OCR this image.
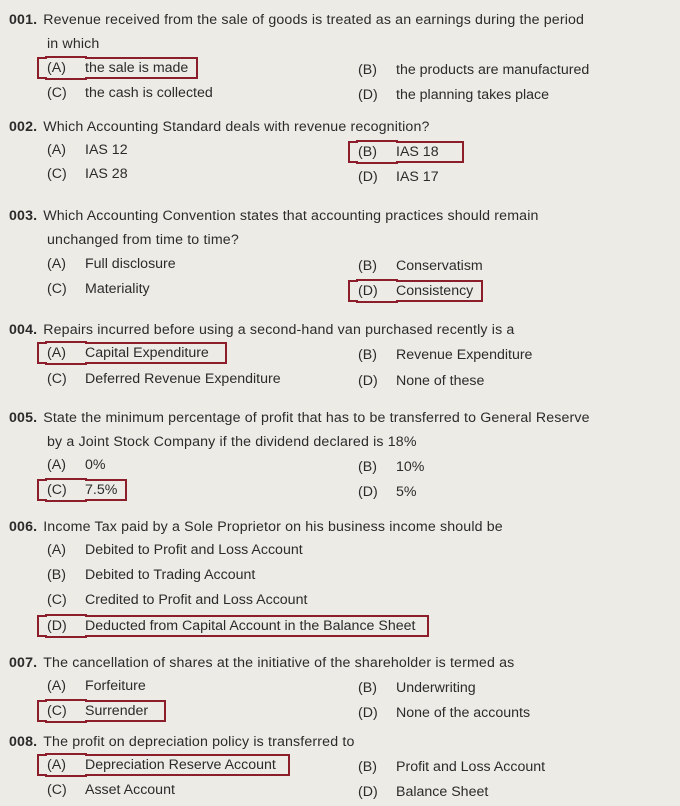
001. Revenue received from the sale of goods is treated as an earnings during the period
in which
(A) the sale is made	(B) the products are manufactured
(C) the cash is collected	(D) the planning takes place
002. Which Accounting Standard deals with revenue recognition?
(A) IAS 12	(B) IAS 18
(C) IAS 28	(D) IAS 17
003. Which Accounting Convention states that accounting practices should remain
unchanged from time to time?
(A) Full disclosure	(B) Conservatism
(C) Materiality	(D) Consistency
004. Repairs incurred before using a second-hand van purchased recently is a
(A) Capital Expenditure	(B) Revenue Expenditure
(C) Deferred Revenue Expenditure	(D) None of these
005. State the minimum percentage of profit that has to be transferred to General Reserve
by a Joint Stock Company if the dividend declared is 18%
(A) 0%	(B) 10%
(C) 7.5%	(D) 5%
006. Income Tax paid by a Sole Proprietor on his business income should be
(A) Debited to Profit and Loss Account
(B) Debited to Trading Account
(C) Credited to Profit and Loss Account
(D) Deducted from Capital Account in the Balance Sheet
007. The cancellation of shares at the initiative of the shareholder is termed as
(A) Forfeiture	(B) Underwriting
(C) Surrender	(D) None of the accounts
008. The profit on depreciation policy is transferred to
(A) Depreciation Reserve Account	(B) Profit and Loss Account
(C) Asset Account	(D) Balance Sheet
